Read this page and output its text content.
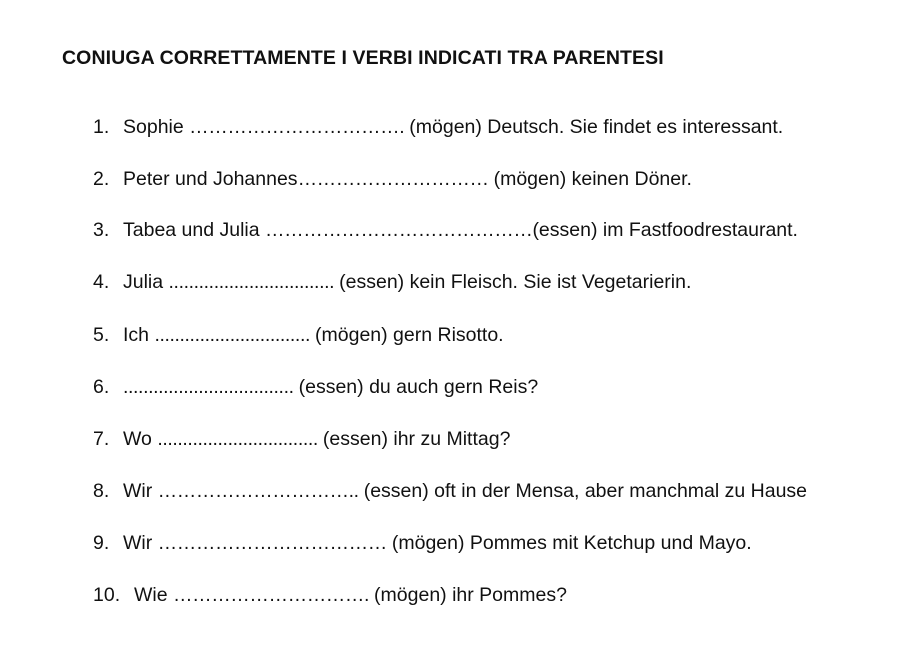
CONIUGA CORRETTAMENTE I VERBI INDICATI TRA PARENTESI
1. Sophie ……………………………. (mögen) Deutsch. Sie findet es interessant.
2. Peter und Johannes………………………… (mögen) keinen Döner.
3. Tabea und Julia ……………………………………(essen) im Fastfoodrestaurant.
4. Julia ................................. (essen) kein Fleisch. Sie ist Vegetarierin.
5. Ich ............................... (mögen) gern Risotto.
6. .................................. (essen) du auch gern Reis?
7. Wo ................................ (essen) ihr zu Mittag?
8. Wir ………………………….. (essen) oft in der Mensa, aber manchmal zu Hause
9. Wir ……………………………… (mögen) Pommes mit Ketchup und Mayo.
10. Wie …………………………. (mögen) ihr Pommes?
